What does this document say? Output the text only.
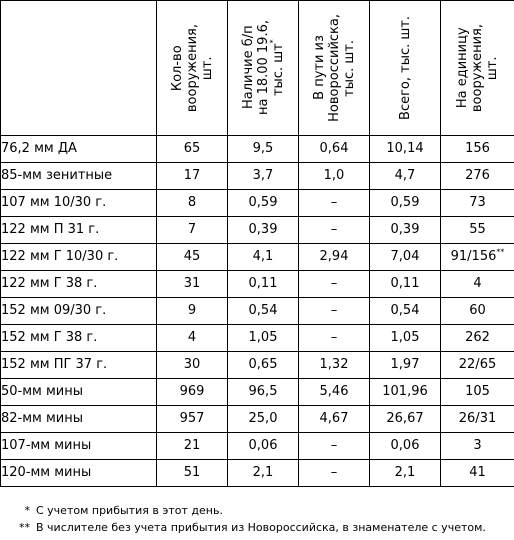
	Кол-во
вооружения,
шт.	Наличие б/п
на 18.00 19.6,
тыс. шт*	В пути из
Новороссийска,
тыс. шт.	Всего, тыс. шт.	На единицу
вооружения,
шт.

76,2 мм ДА	65	9,5	0,64	10,14	156
85-мм зенитные	17	3,7	1,0	4,7	276
107 мм 10/30 г.	8	0,59	–	0,59	73
122 мм П 31 г.	7	0,39	–	0,39	55
122 мм Г 10/30 г.	45	4,1	2,94	7,04	91/156**
122 мм Г 38 г.	31	0,11	–	0,11	4
152 мм 09/30 г.	9	0,54	–	0,54	60
152 мм Г 38 г.	4	1,05	–	1,05	262
152 мм ПГ 37 г.	30	0,65	1,32	1,97	22/65
50-мм мины	969	96,5	5,46	101,96	105
82-мм мины	957	25,0	4,67	26,67	26/31
107-мм мины	21	0,06	–	0,06	3
120-мм мины	51	2,1	–	2,1	41
* С учетом прибытия в этот день.
** В числителе без учета прибытия из Новороссийска, в знаменателе с учетом.
